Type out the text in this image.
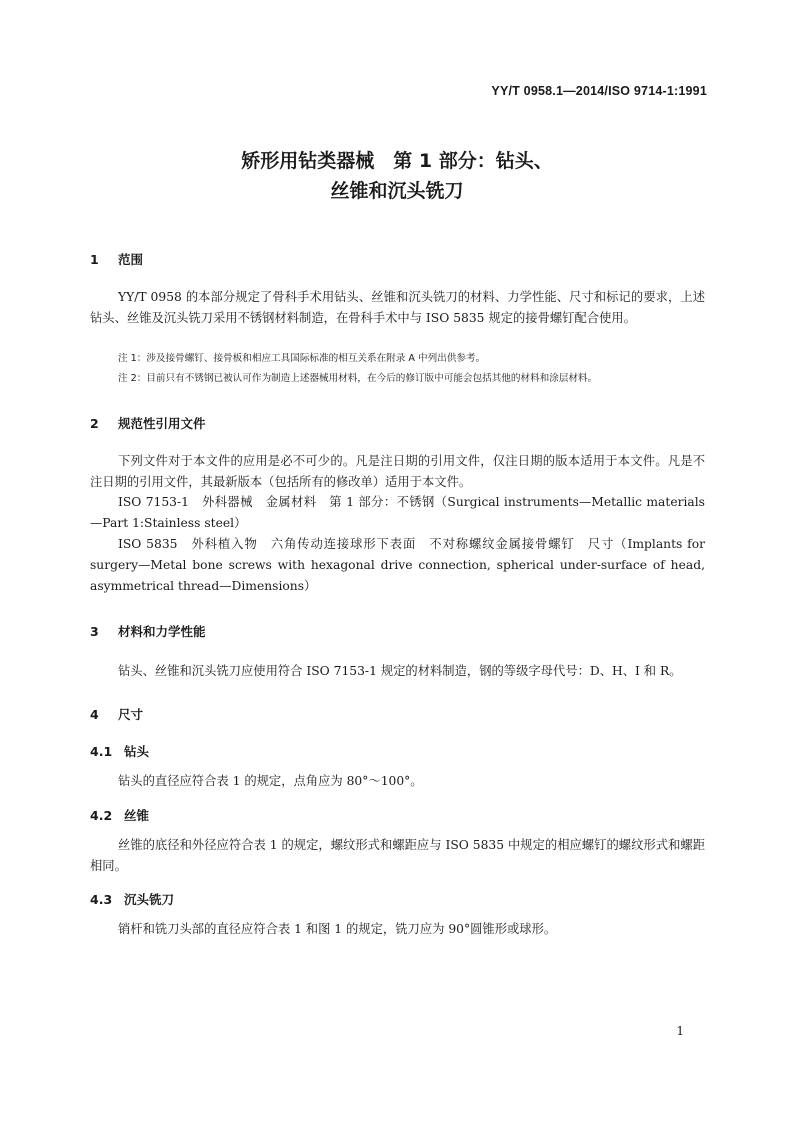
YY/T 0958.1—2014/ISO 9714-1:1991
矫形用钻类器械　第 1 部分：钻头、
丝锥和沉头铣刀
1 范围
YY/T 0958 的本部分规定了骨科手术用钻头、丝锥和沉头铣刀的材料、力学性能、尺寸和标记的要求，上述钻头、丝锥及沉头铣刀采用不锈钢材料制造，在骨科手术中与 ISO 5835 规定的接骨螺钉配合使用。
注 1：涉及接骨螺钉、接骨板和相应工具国际标准的相互关系在附录 A 中列出供参考。
注 2：目前只有不锈钢已被认可作为制造上述器械用材料，在今后的修订版中可能会包括其他的材料和涂层材料。
2 规范性引用文件
下列文件对于本文件的应用是必不可少的。凡是注日期的引用文件，仅注日期的版本适用于本文件。凡是不注日期的引用文件，其最新版本（包括所有的修改单）适用于本文件。
ISO 7153-1　外科器械　金属材料　第 1 部分：不锈钢（Surgical instruments—Metallic materials—Part 1:Stainless steel）
ISO 5835　外科植入物　六角传动连接球形下表面　不对称螺纹金属接骨螺钉　尺寸（Implants for surgery—Metal bone screws with hexagonal drive connection, spherical under-surface of head, asymmetrical thread—Dimensions）
3 材料和力学性能
钻头、丝锥和沉头铣刀应使用符合 ISO 7153-1 规定的材料制造，钢的等级字母代号：D、H、I 和 R。
4 尺寸
4.1 钻头
钻头的直径应符合表 1 的规定，点角应为 80°～100°。
4.2 丝锥
丝锥的底径和外径应符合表 1 的规定，螺纹形式和螺距应与 ISO 5835 中规定的相应螺钉的螺纹形式和螺距相同。
4.3 沉头铣刀
销杆和铣刀头部的直径应符合表 1 和图 1 的规定，铣刀应为 90°圆锥形或球形。
1
